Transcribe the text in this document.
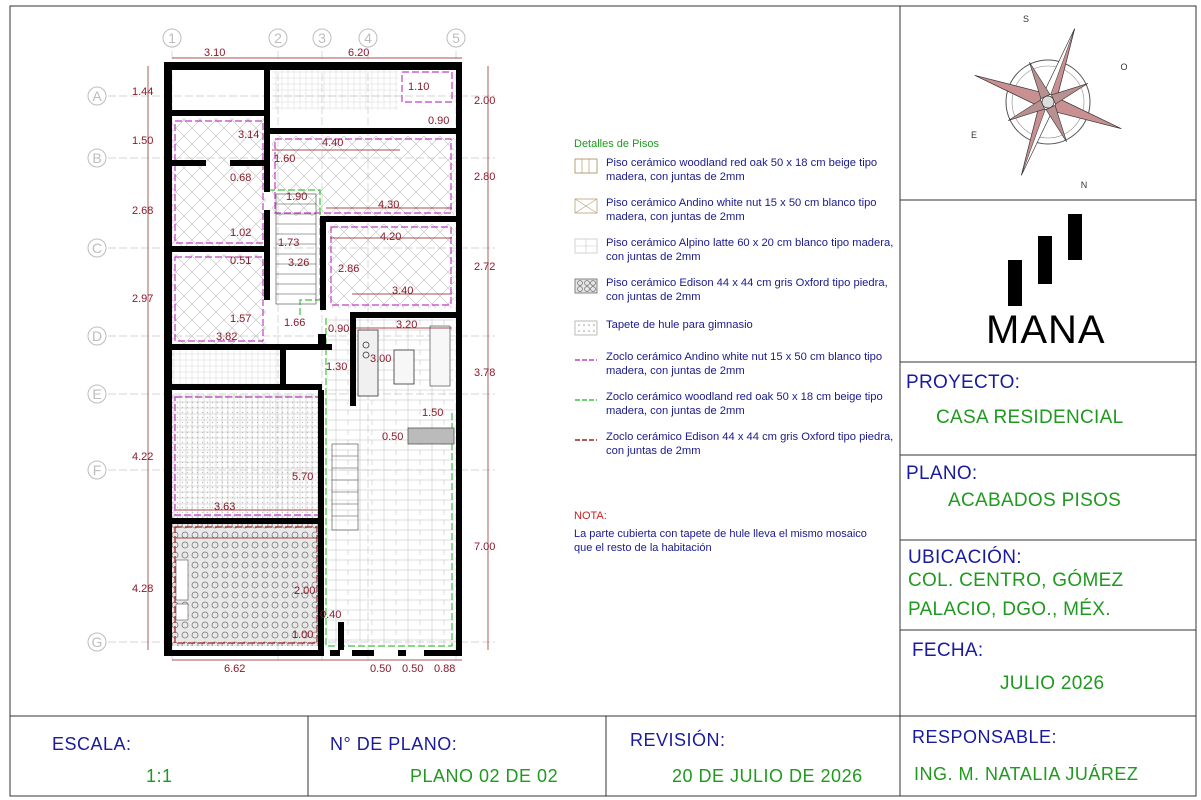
1	2	3	4	5
A
B
C
D
E
F
G
3.10	6.20
1.44
1.50
2.68
2.97
4.22
4.28
2.00
2.80
2.72
3.78
7.00
6.62	0.50 0.50 0.88
1.10
0.90
3.14
4.40
1.60
0.68
1.90
4.30
1.02	4.20
1.73
0.51	3.26	2.86
3.40
1.57	1.66 0.90	3.20
3.82
3.00
1.30
1.50
0.50
5.70
3.63
2.00
0.40
1.00
Detalles de Pisos
Piso cerámico woodland red oak 50 x 18 cm beige tipo madera, con juntas de 2mm
Piso cerámico Andino white nut 15 x 50 cm blanco tipo madera, con juntas de 2mm
Piso cerámico Alpino latte 60 x 20 cm blanco tipo madera, con juntas de 2mm
Piso cerámico Edison 44 x 44 cm gris Oxford tipo piedra, con juntas de 2mm
Tapete de hule para gimnasio
Zoclo cerámico Andino white nut 15 x 50 cm blanco tipo madera, con juntas de 2mm
Zoclo cerámico woodland red oak 50 x 18 cm beige tipo madera, con juntas de 2mm
Zoclo cerámico Edison 44 x 44 cm gris Oxford tipo piedra, con juntas de 2mm
NOTA:
La parte cubierta con tapete de hule lleva el mismo mosaico que el resto de la habitación
S
O
E
N
MANA
PROYECTO:
CASA RESIDENCIAL
PLANO:
ACABADOS PISOS
UBICACIÓN:
COL. CENTRO, GÓMEZ
PALACIO, DGO., MÉX.
FECHA:
JULIO 2026
ESCALA:
1:1
N° DE PLANO:
PLANO 02 DE 02
REVISIÓN:
20 DE JULIO DE 2026
RESPONSABLE:
ING. M. NATALIA JUÁREZ
